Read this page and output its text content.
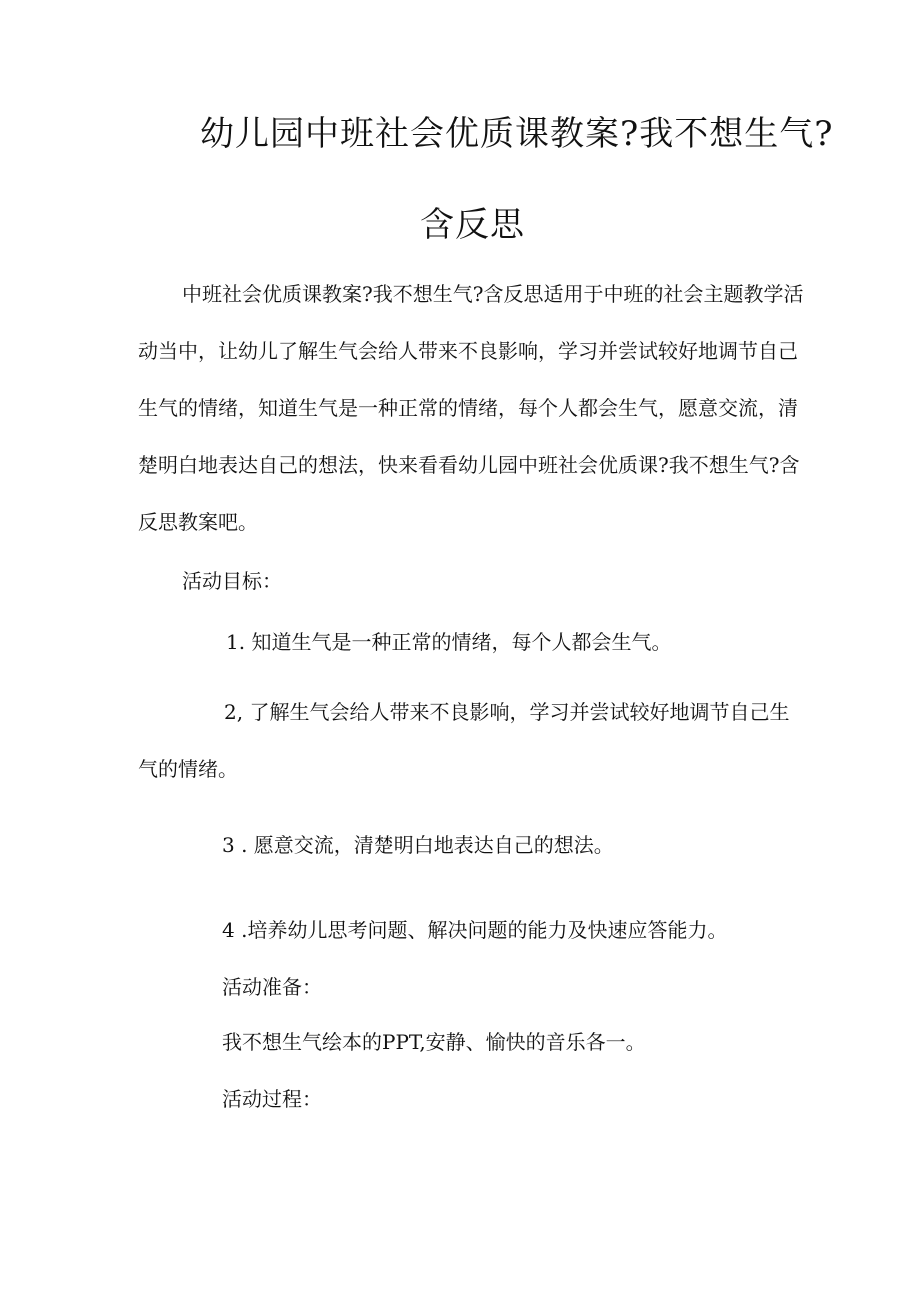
幼儿园中班社会优质课教案?我不想生气?
含反思
中班社会优质课教案?我不想生气?含反思适用于中班的社会主题教学活动当中，让幼儿了解生气会给人带来不良影响，学习并尝试较好地调节自己生气的情绪，知道生气是一种正常的情绪，每个人都会生气，愿意交流，清楚明白地表达自己的想法，快来看看幼儿园中班社会优质课?我不想生气?含反思教案吧。
活动目标：
1. 知道生气是一种正常的情绪，每个人都会生气。
2, 了解生气会给人带来不良影响，学习并尝试较好地调节自己生气的情绪。
3 . 愿意交流，清楚明白地表达自己的想法。
4 .培养幼儿思考问题、解决问题的能力及快速应答能力。
活动准备：
我不想生气绘本的PPT,安静、愉快的音乐各一。
活动过程：
